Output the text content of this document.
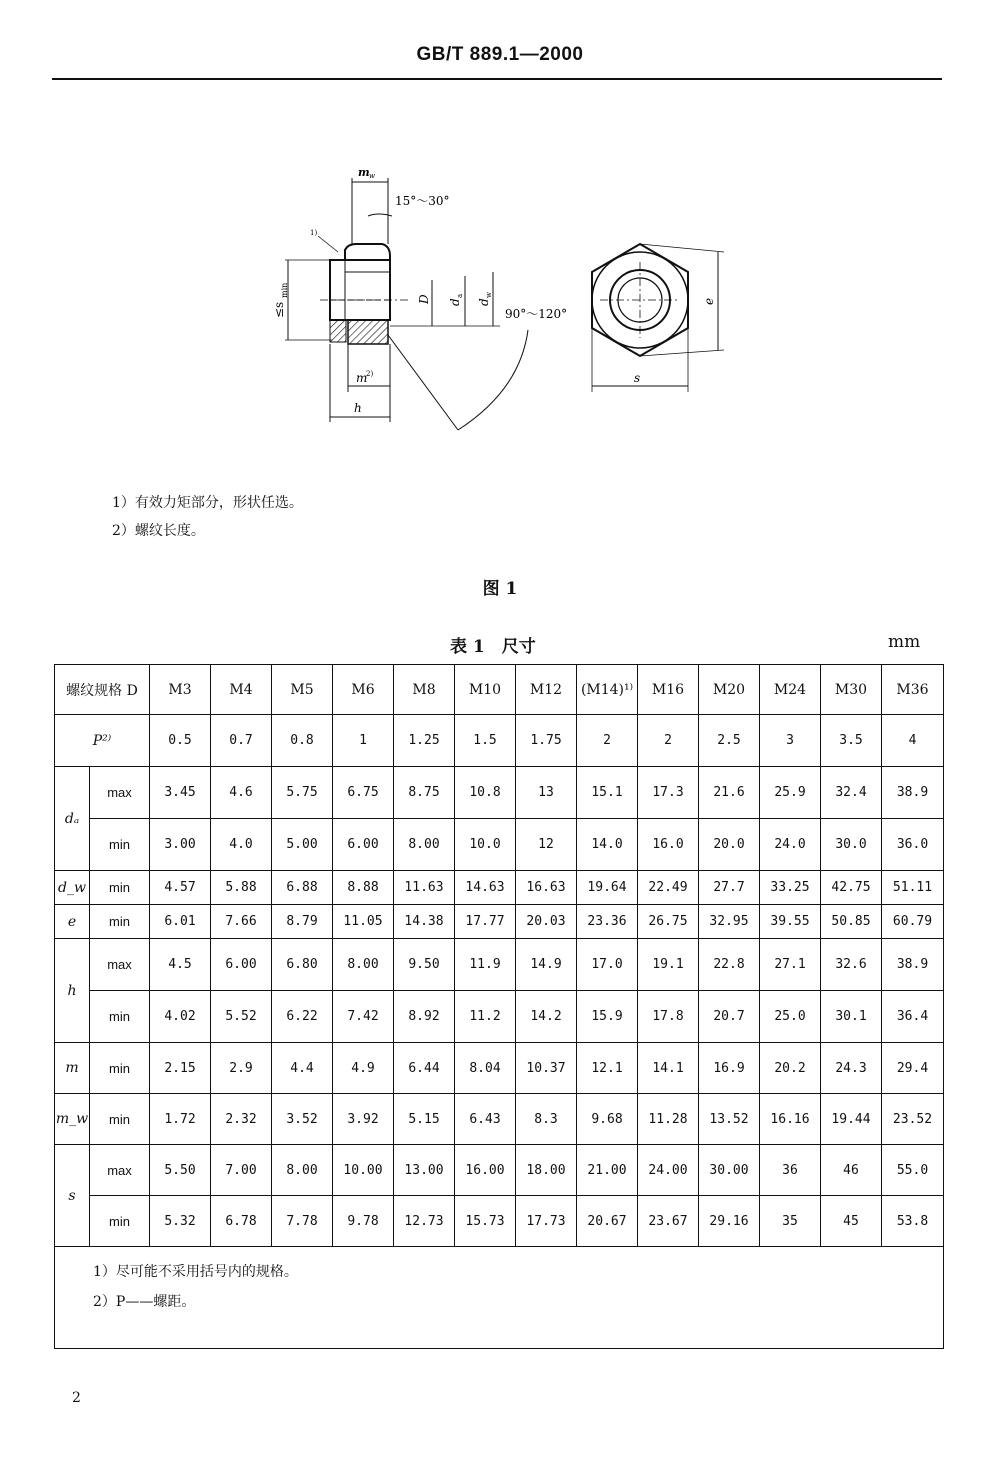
GB/T 889.1—2000
m w
15°～30°
1)
≤s
min
D d
a
d
w
90°～120°
m
2)
h
e
s
1）有效力矩部分，形状任选。
2）螺纹长度。
图 1
表 1　尺寸	mm
螺纹规格 D		M3	M4	M5	M6	M8	M10	M12	(M14)¹⁾	M16	M20	M24	M30	M36
P²⁾		0.5	0.7	0.8	1	1.25	1.5	1.75	2	2	2.5	3	3.5	4
dₐ	max	3.45	4.6	5.75	6.75	8.75	10.8	13	15.1	17.3	21.6	25.9	32.4	38.9
	min	3.00	4.0	5.00	6.00	8.00	10.0	12	14.0	16.0	20.0	24.0	30.0	36.0
d_w	min	4.57	5.88	6.88	8.88	11.63	14.63	16.63	19.64	22.49	27.7	33.25	42.75	51.11
e	min	6.01	7.66	8.79	11.05	14.38	17.77	20.03	23.36	26.75	32.95	39.55	50.85	60.79
h	max	4.5	6.00	6.80	8.00	9.50	11.9	14.9	17.0	19.1	22.8	27.1	32.6	38.9
	min	4.02	5.52	6.22	7.42	8.92	11.2	14.2	15.9	17.8	20.7	25.0	30.1	36.4
m	min	2.15	2.9	4.4	4.9	6.44	8.04	10.37	12.1	14.1	16.9	20.2	24.3	29.4
m_w	min	1.72	2.32	3.52	3.92	5.15	6.43	8.3	9.68	11.28	13.52	16.16	19.44	23.52
s	max	5.50	7.00	8.00	10.00	13.00	16.00	18.00	21.00	24.00	30.00	36	46	55.0
	min	5.32	6.78	7.78	9.78	12.73	15.73	17.73	20.67	23.67	29.16	35	45	53.8

1）尽可能不采用括号内的规格。
2）P——螺距。														
2
